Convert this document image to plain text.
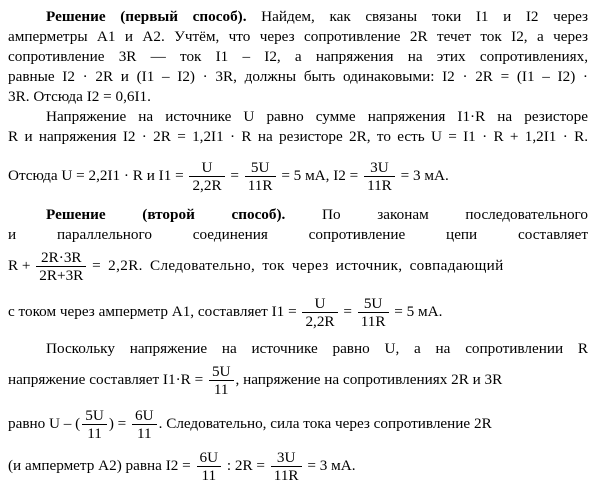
Решение (первый способ). Найдем, как связаны токи I1 и I2 через
амперметры А1 и А2. Учтём, что через сопротивление 2R течет ток I2, а через
сопротивление 3R — ток I1 – I2, а напряжения на этих сопротивлениях,
равные I2 · 2R и (I1 – I2) · 3R, должны быть одинаковыми: I2 · 2R = (I1 – I2) ·
3R. Отсюда I2 = 0,6I1.
Напряжение на источнике U равно сумме напряжения I1·R на резисторе
R и напряжения I2 · 2R = 1,2I1 · R на резисторе 2R, то есть U = I1 · R + 1,2I1 · R.
Отсюда U = 2,2I1 · R и $I1 = \frac{U}{2,2R} = \frac{5U}{11R} = 5$ мА, $I2 = \frac{3U}{11R} = 3$ мА.
Решение (второй способ). По законам последовательного
и параллельного соединения сопротивление цепи составляет
$R + \frac{2R\cdot 3R}{2R+3R} = 2,2R$. Следовательно, ток через источник, совпадающий
с током через амперметр А1, составляет $I1 = \frac{U}{2,2R} = \frac{5U}{11R} = 5$ мА.
Поскольку напряжение на источнике равно U, а на сопротивлении R
напряжение составляет $I1\cdot R = \frac{5U}{11}$ , напряжение на сопротивлениях 2R и 3R
равно U – ( $\frac{5U}{11}$ ) = $\frac{6U}{11}$ . Следовательно, сила тока через сопротивление 2R
(и амперметр А2) равна $I2 = \frac{6U}{11}$ : $2R = \frac{3U}{11R} = 3$ мА.
